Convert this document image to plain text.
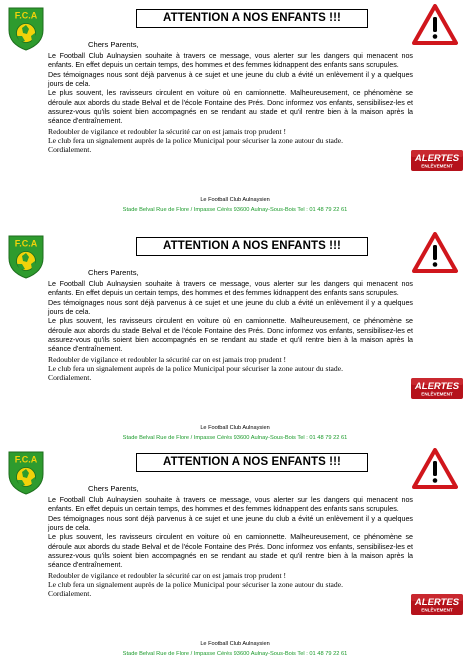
F.C.A	ATTENTION A NOS ENFANTS !!!
Chers Parents,

Le Football Club Aulnaysien souhaite à travers ce message, vous alerter sur les dangers qui menacent nos enfants. En effet depuis un certain temps, des hommes et des femmes kidnappent des enfants sans scrupules.

Des témoignages nous sont déjà parvenus à ce sujet et une jeune du club a évité un enlèvement il y a quelques jours de cela.

Le plus souvent, les ravisseurs circulent en voiture où en camionnette. Malheureusement, ce phénomène se déroule aux abords du stade Belval et de l'école Fontaine des Prés. Donc informez vos enfants, sensibilisez-les et assurez-vous qu'ils soient bien accompagnés en se rendant au stade et qu'il rentre bien à la maison après la séance d'entraînement.

Redoubler de vigilance et redoubler la sécurité car on est jamais trop prudent !

Le club fera un signalement auprès de la police Municipal pour sécuriser la zone autour du stade.

Cordialement.

ALERTES
ENLÈVEMENT
Le Football Club Aulnaysien
Stade Belval Rue de Flore / Impasse Cérès 93600 Aulnay-Sous-Bois Tel : 01 48 79 22 61
F.C.A	ATTENTION A NOS ENFANTS !!!
Chers Parents,

Le Football Club Aulnaysien souhaite à travers ce message, vous alerter sur les dangers qui menacent nos enfants. En effet depuis un certain temps, des hommes et des femmes kidnappent des enfants sans scrupules.

Des témoignages nous sont déjà parvenus à ce sujet et une jeune du club a évité un enlèvement il y a quelques jours de cela.

Le plus souvent, les ravisseurs circulent en voiture où en camionnette. Malheureusement, ce phénomène se déroule aux abords du stade Belval et de l'école Fontaine des Prés. Donc informez vos enfants, sensibilisez-les et assurez-vous qu'ils soient bien accompagnés en se rendant au stade et qu'il rentre bien à la maison après la séance d'entraînement.

Redoubler de vigilance et redoubler la sécurité car on est jamais trop prudent !

Le club fera un signalement auprès de la police Municipal pour sécuriser la zone autour du stade.

Cordialement.

ALERTES
ENLÈVEMENT
Le Football Club Aulnaysien
Stade Belval Rue de Flore / Impasse Cérès 93600 Aulnay-Sous-Bois Tel : 01 48 79 22 61
F.C.A	ATTENTION A NOS ENFANTS !!!
Chers Parents,

Le Football Club Aulnaysien souhaite à travers ce message, vous alerter sur les dangers qui menacent nos enfants. En effet depuis un certain temps, des hommes et des femmes kidnappent des enfants sans scrupules.

Des témoignages nous sont déjà parvenus à ce sujet et une jeune du club a évité un enlèvement il y a quelques jours de cela.

Le plus souvent, les ravisseurs circulent en voiture où en camionnette. Malheureusement, ce phénomène se déroule aux abords du stade Belval et de l'école Fontaine des Prés. Donc informez vos enfants, sensibilisez-les et assurez-vous qu'ils soient bien accompagnés en se rendant au stade et qu'il rentre bien à la maison après la séance d'entraînement.

Redoubler de vigilance et redoubler la sécurité car on est jamais trop prudent !

Le club fera un signalement auprès de la police Municipal pour sécuriser la zone autour du stade.

Cordialement.

ALERTES
ENLÈVEMENT
Le Football Club Aulnaysien
Stade Belval Rue de Flore / Impasse Cérès 93600 Aulnay-Sous-Bois Tel : 01 48 79 22 61
